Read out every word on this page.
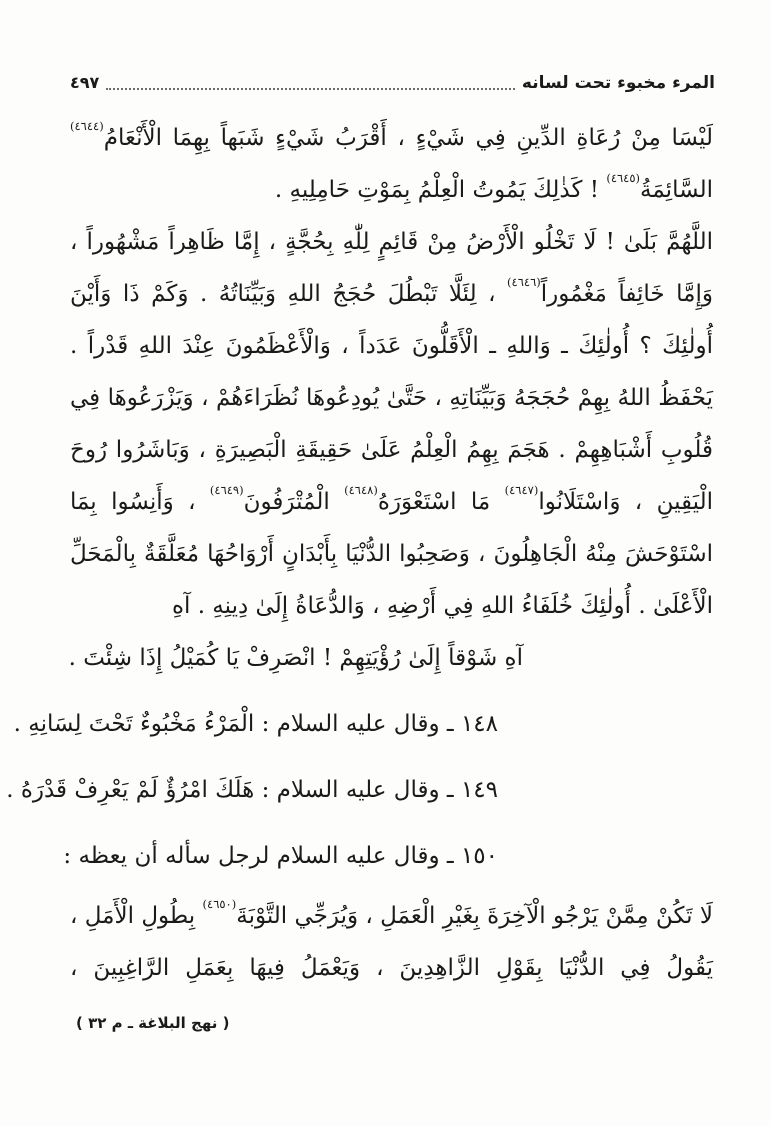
المرء مخبوء تحت لسانه
٤٩٧

لَيْسَا مِنْ رُعَاةِ الدِّينِ فِي شَيْءٍ ، أَقْرَبُ شَيْءٍ شَبَهاً بِهِمَا الْأَنْعَامُ$^{(٤٦٤٤)}$ السَّائِمَةُ$^{(٤٦٤٥)}$ ! كَذٰلِكَ يَمُوتُ الْعِلْمُ بِمَوْتِ حَامِلِيهِ .

اللَّهُمَّ بَلَىٰ ! لَا تَخْلُو الْأَرْضُ مِنْ قَائِمٍ لِلّٰهِ بِحُجَّةٍ ، إِمَّا ظَاهِراً مَشْهُوراً ، وَإِمَّا خَائِفاً مَغْمُوراً$^{(٤٦٤٦)}$ ، لِئَلَّا تَبْطُلَ حُجَجُ اللهِ وَبَيِّنَاتُهُ . وَكَمْ ذَا وَأَيْنَ أُولٰئِكَ ؟ أُولٰئِكَ ـ وَاللهِ ـ الْأَقَلُّونَ عَدَداً ، وَالْأَعْظَمُونَ عِنْدَ اللهِ قَدْراً . يَحْفَظُ اللهُ بِهِمْ حُجَجَهُ وَبَيِّنَاتِهِ ، حَتَّىٰ يُودِعُوهَا نُظَرَاءَهُمْ ، وَيَزْرَعُوهَا فِي قُلُوبِ أَشْبَاهِهِمْ . هَجَمَ بِهِمُ الْعِلْمُ عَلَىٰ حَقِيقَةِ الْبَصِيرَةِ ، وَبَاشَرُوا رُوحَ الْيَقِينِ ، وَاسْتَلَانُوا$^{(٤٦٤٧)}$ مَا اسْتَعْوَرَهُ$^{(٤٦٤٨)}$ الْمُتْرَفُونَ$^{(٤٦٤٩)}$ ، وَأَنِسُوا بِمَا اسْتَوْحَشَ مِنْهُ الْجَاهِلُونَ ، وَصَحِبُوا الدُّنْيَا بِأَبْدَانٍ أَرْوَاحُهَا مُعَلَّقَةٌ بِالْمَحَلِّ الْأَعْلَىٰ . أُولٰئِكَ خُلَفَاءُ اللهِ فِي أَرْضِهِ ، وَالدُّعَاةُ إِلَىٰ دِينِهِ . آهِ

آهِ شَوْقاً إِلَىٰ رُؤْيَتِهِمْ ! انْصَرِفْ يَا كُمَيْلُ إِذَا شِئْتَ .

١٤٨ ـ وقال عليه السلام : الْمَرْءُ مَخْبُوءٌ تَحْتَ لِسَانِهِ .

١٤٩ ـ وقال عليه السلام : هَلَكَ امْرُؤٌ لَمْ يَعْرِفْ قَدْرَهُ .

١٥٠ ـ وقال عليه السلام لرجل سأله أن يعظه :

لَا تَكُنْ مِمَّنْ يَرْجُو الْآخِرَةَ بِغَيْرِ الْعَمَلِ ، وَيُرَجِّي التَّوْبَةَ$^{(٤٦٥٠)}$ بِطُولِ الْأَمَلِ ، يَقُولُ فِي الدُّنْيَا بِقَوْلِ الزَّاهِدِينَ ، وَيَعْمَلُ فِيهَا بِعَمَلِ الرَّاغِبِينَ ،

( نهج البلاغة ـ م ٣٢ )
